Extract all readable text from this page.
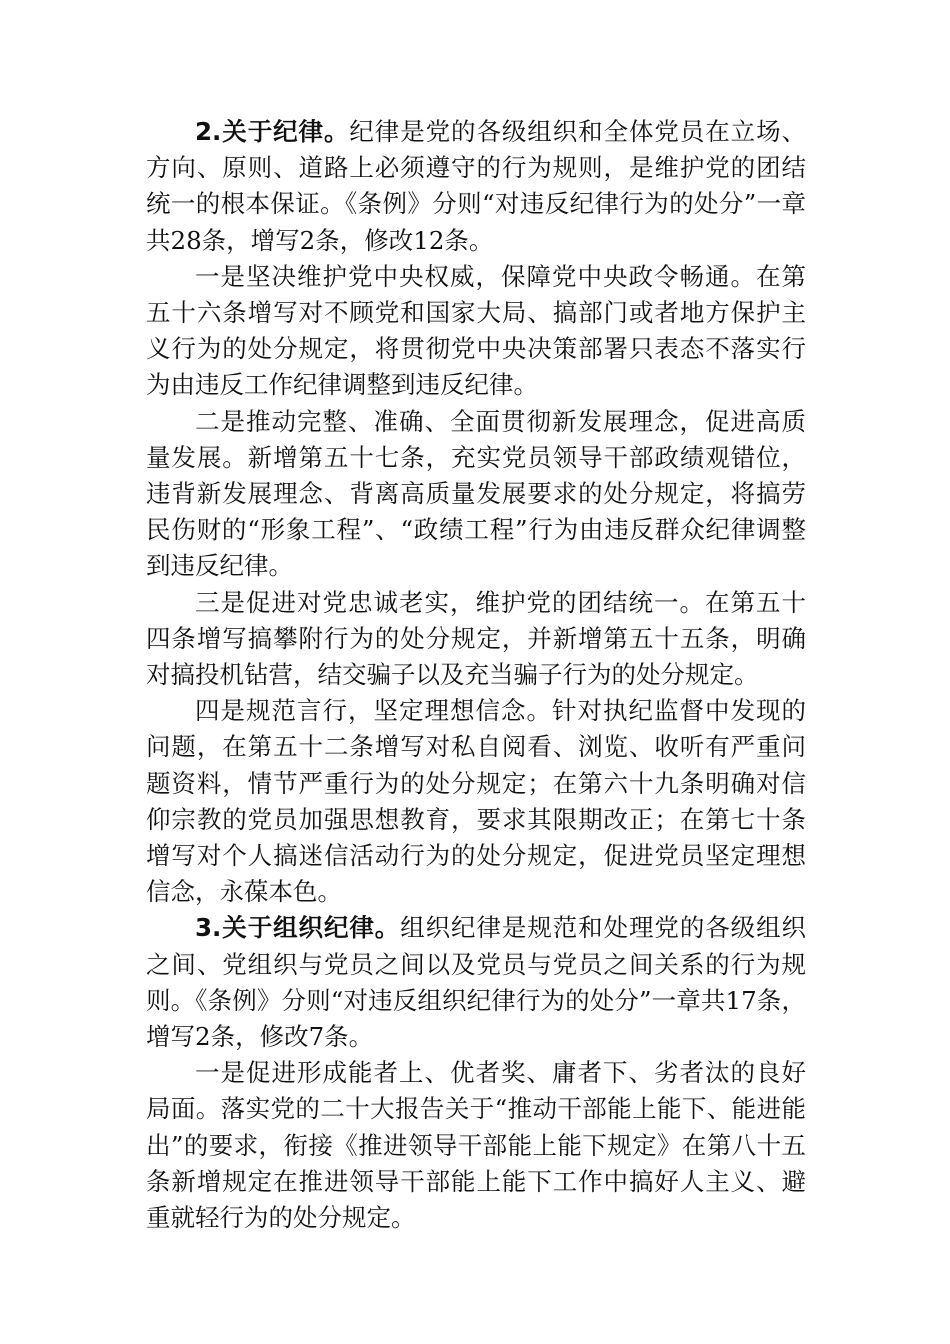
2.关于纪律。纪律是党的各级组织和全体党员在立场、方向、原则、道路上必须遵守的行为规则，是维护党的团结统一的根本保证。《条例》分则“对违反纪律行为的处分”一章共28条，增写2条，修改12条。

一是坚决维护党中央权威，保障党中央政令畅通。在第五十六条增写对不顾党和国家大局、搞部门或者地方保护主义行为的处分规定，将贯彻党中央决策部署只表态不落实行为由违反工作纪律调整到违反纪律。

二是推动完整、准确、全面贯彻新发展理念，促进高质量发展。新增第五十七条，充实党员领导干部政绩观错位，违背新发展理念、背离高质量发展要求的处分规定，将搞劳民伤财的“形象工程”、“政绩工程”行为由违反群众纪律调整到违反纪律。

三是促进对党忠诚老实，维护党的团结统一。在第五十四条增写搞攀附行为的处分规定，并新增第五十五条，明确对搞投机钻营，结交骗子以及充当骗子行为的处分规定。

四是规范言行，坚定理想信念。针对执纪监督中发现的问题，在第五十二条增写对私自阅看、浏览、收听有严重问题资料，情节严重行为的处分规定；在第六十九条明确对信仰宗教的党员加强思想教育，要求其限期改正；在第七十条增写对个人搞迷信活动行为的处分规定，促进党员坚定理想信念，永葆本色。

3.关于组织纪律。组织纪律是规范和处理党的各级组织之间、党组织与党员之间以及党员与党员之间关系的行为规则。《条例》分则“对违反组织纪律行为的处分”一章共17条，增写2条，修改7条。

一是促进形成能者上、优者奖、庸者下、劣者汰的良好局面。落实党的二十大报告关于“推动干部能上能下、能进能出”的要求，衔接《推进领导干部能上能下规定》在第八十五条新增规定在推进领导干部能上能下工作中搞好人主义、避重就轻行为的处分规定。
